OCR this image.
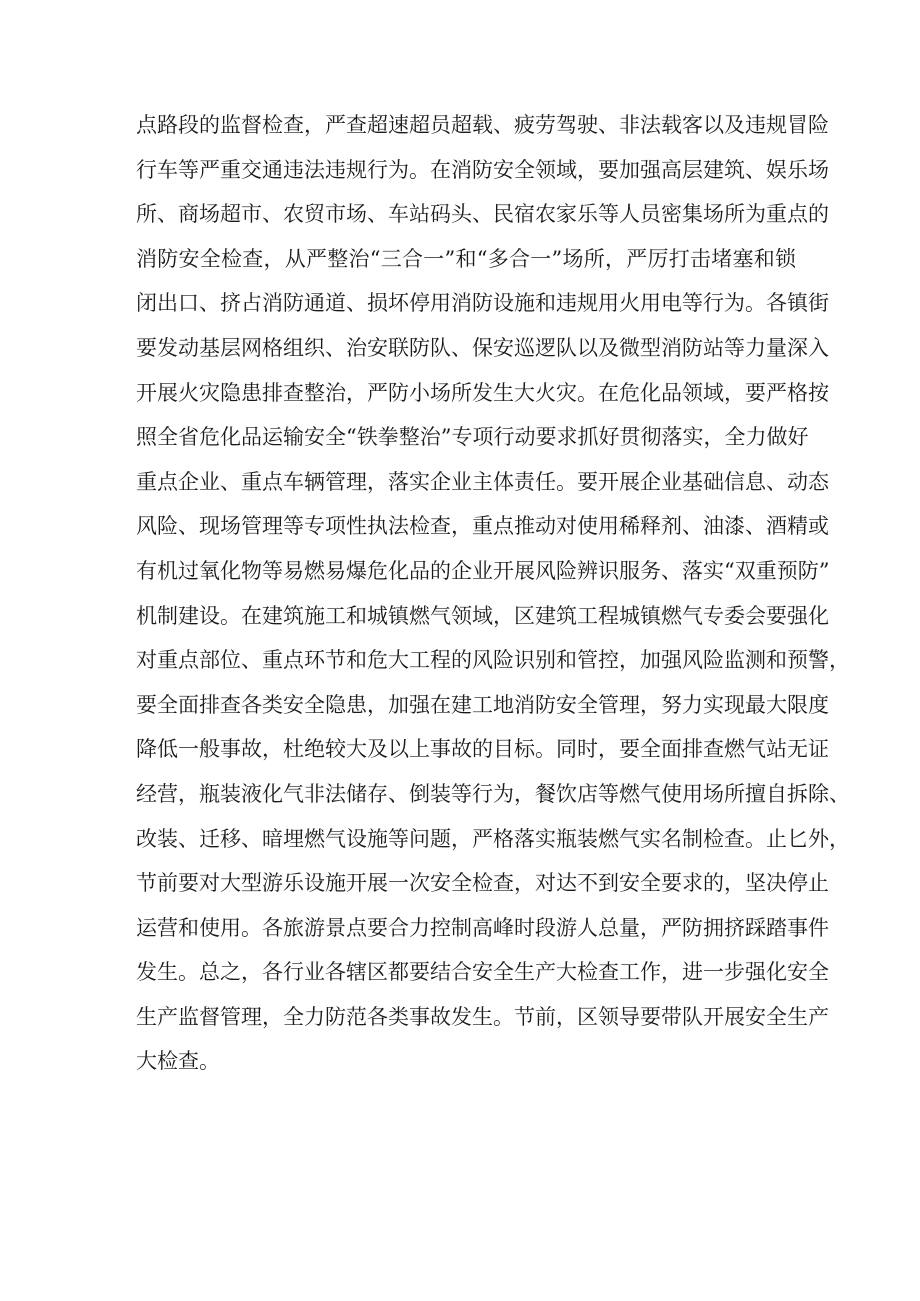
点路段的监督检查，严查超速超员超载、疲劳驾驶、非法载客以及违规冒险
行车等严重交通违法违规行为。在消防安全领域，要加强高层建筑、娱乐场
所、商场超市、农贸市场、车站码头、民宿农家乐等人员密集场所为重点的
消防安全检查，从严整治“三合一”和“多合一”场所，严厉打击堵塞和锁
闭出口、挤占消防通道、损坏停用消防设施和违规用火用电等行为。各镇街
要发动基层网格组织、治安联防队、保安巡逻队以及微型消防站等力量深入
开展火灾隐患排查整治，严防小场所发生大火灾。在危化品领域，要严格按
照全省危化品运输安全“铁拳整治”专项行动要求抓好贯彻落实，全力做好
重点企业、重点车辆管理，落实企业主体责任。要开展企业基础信息、动态
风险、现场管理等专项性执法检查，重点推动对使用稀释剂、油漆、酒精或
有机过氧化物等易燃易爆危化品的企业开展风险辨识服务、落实“双重预防”
机制建设。在建筑施工和城镇燃气领域，区建筑工程城镇燃气专委会要强化
对重点部位、重点环节和危大工程的风险识别和管控，加强风险监测和预警，
要全面排查各类安全隐患，加强在建工地消防安全管理，努力实现最大限度
降低一般事故，杜绝较大及以上事故的目标。同时，要全面排查燃气站无证
经营，瓶装液化气非法储存、倒装等行为，餐饮店等燃气使用场所擅自拆除、
改装、迁移、暗埋燃气设施等问题，严格落实瓶装燃气实名制检查。止匕外，
节前要对大型游乐设施开展一次安全检查，对达不到安全要求的，坚决停止
运营和使用。各旅游景点要合力控制高峰时段游人总量，严防拥挤踩踏事件
发生。总之，各行业各辖区都要结合安全生产大检查工作，进一步强化安全
生产监督管理，全力防范各类事故发生。节前，区领导要带队开展安全生产
大检查。
